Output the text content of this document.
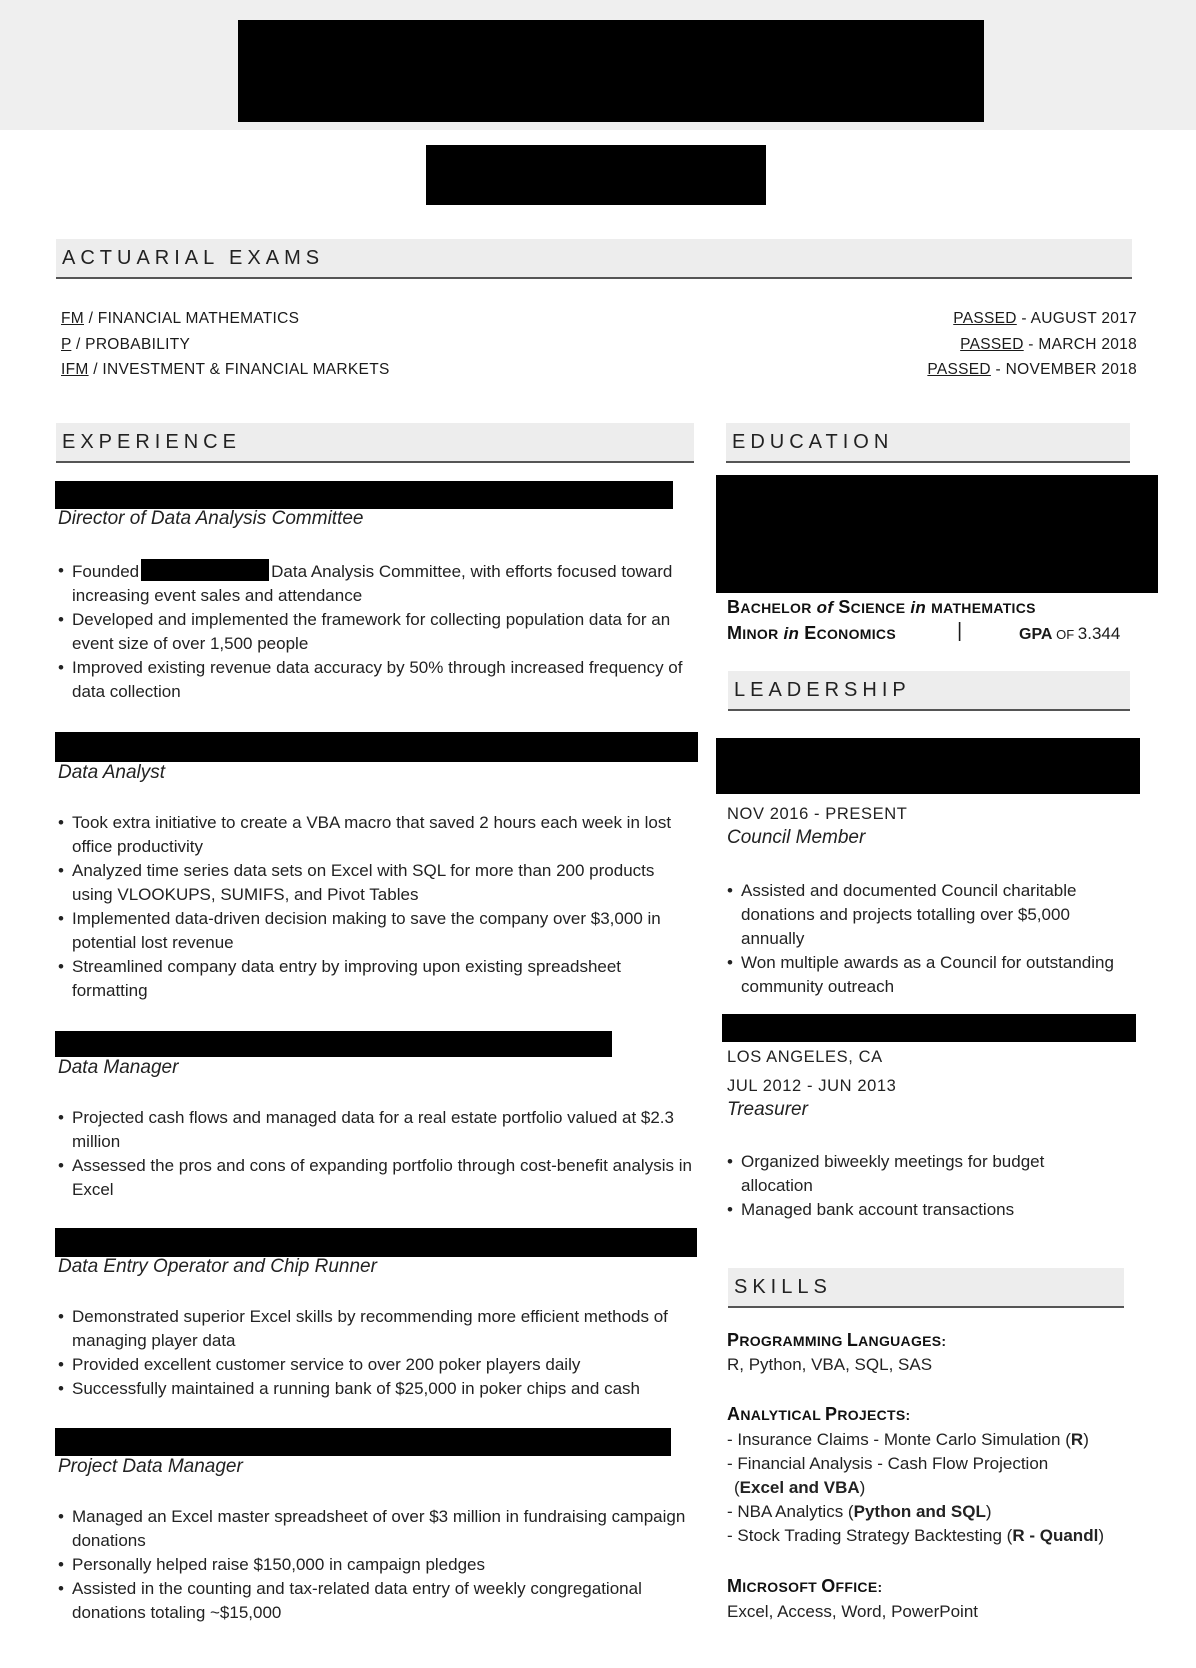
ACTUARIAL EXAMS
FM / FINANCIAL MATHEMATICS	PASSED - AUGUST 2017
P / PROBABILITY	PASSED - MARCH 2018
IFM / INVESTMENT & FINANCIAL MARKETS	PASSED - NOVEMBER 2018
EXPERIENCE
Director of Data Analysis Committee
• Founded	Data Analysis Committee, with efforts focused toward increasing event sales and attendance
• Developed and implemented the framework for collecting population data for an event size of over 1,500 people
• Improved existing revenue data accuracy by 50% through increased frequency of data collection
Data Analyst
• Took extra initiative to create a VBA macro that saved 2 hours each week in lost office productivity
• Analyzed time series data sets on Excel with SQL for more than 200 products using VLOOKUPS, SUMIFS, and Pivot Tables
• Implemented data-driven decision making to save the company over $3,000 in potential lost revenue
• Streamlined company data entry by improving upon existing spreadsheet formatting
Data Manager
• Projected cash flows and managed data for a real estate portfolio valued at $2.3 million
• Assessed the pros and cons of expanding portfolio through cost-benefit analysis in Excel
Data Entry Operator and Chip Runner
• Demonstrated superior Excel skills by recommending more efficient methods of managing player data
• Provided excellent customer service to over 200 poker players daily
• Successfully maintained a running bank of $25,000 in poker chips and cash
Project Data Manager
• Managed an Excel master spreadsheet of over $3 million in fundraising campaign donations
• Personally helped raise $150,000 in campaign pledges
• Assisted in the counting and tax-related data entry of weekly congregational donations totaling ~$15,000
EDUCATION
BACHELOR of SCIENCE in MATHEMATICS
MINOR in ECONOMICS	|	GPA OF 3.344
LEADERSHIP
NOV 2016 - PRESENT
Council Member
• Assisted and documented Council charitable donations and projects totalling over $5,000 annually
• Won multiple awards as a Council for outstanding community outreach
LOS ANGELES, CA
JUL 2012 - JUN 2013
Treasurer
• Organized biweekly meetings for budget allocation
• Managed bank account transactions
SKILLS
PROGRAMMING LANGUAGES:
R, Python, VBA, SQL, SAS
ANALYTICAL PROJECTS:
- Insurance Claims - Monte Carlo Simulation (R)
- Financial Analysis - Cash Flow Projection
(Excel and VBA)
- NBA Analytics (Python and SQL)
- Stock Trading Strategy Backtesting (R - Quandl)
MICROSOFT OFFICE:
Excel, Access, Word, PowerPoint
